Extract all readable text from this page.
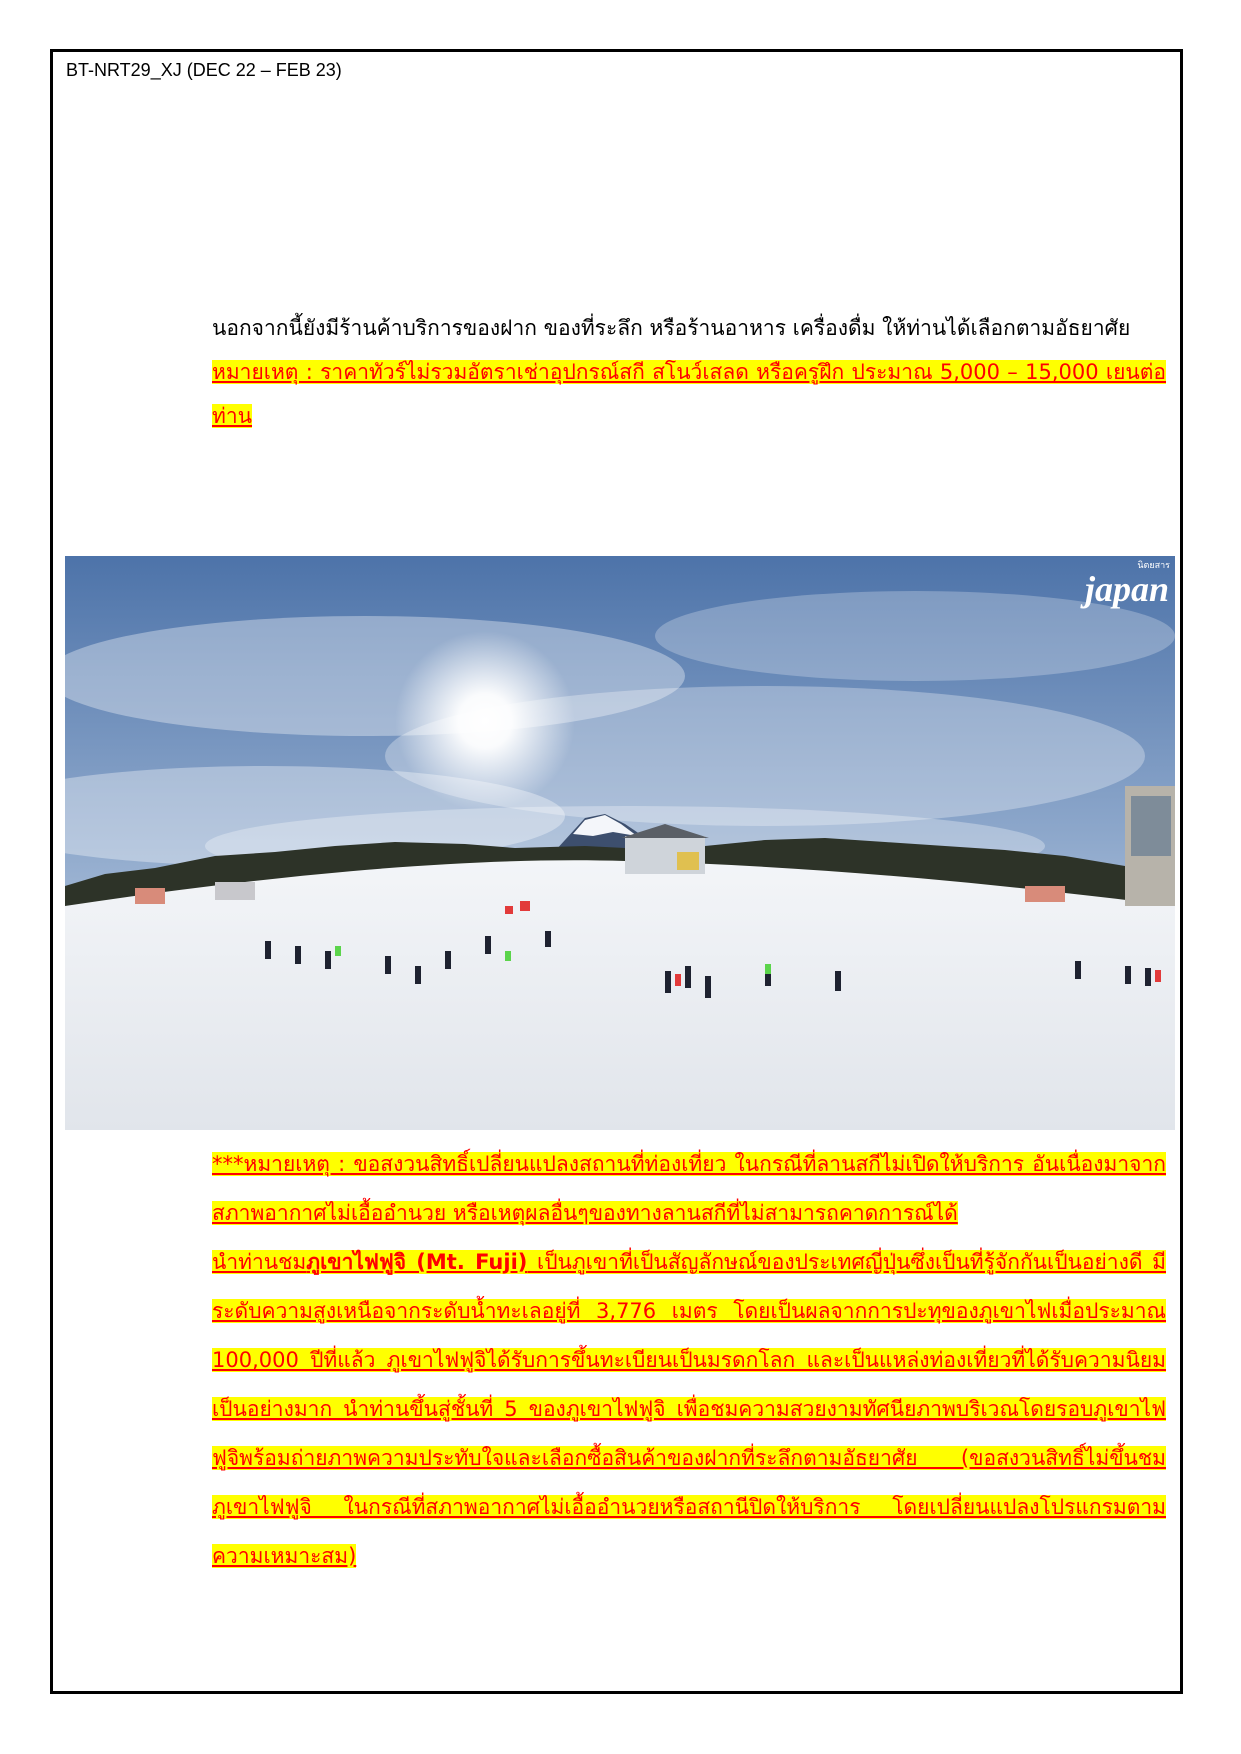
BT-NRT29_XJ (DEC 22 – FEB 23)
นอกจากนี้ยังมีร้านค้าบริการของฝาก ของที่ระลึก หรือร้านอาหาร เครื่องดื่ม ให้ท่านได้เลือกตามอัธยาศัย
หมายเหตุ : ราคาทัวร์ไม่รวมอัตราเช่าอุปกรณ์สกี สโนว์เสลด หรือครูฝึก ประมาณ 5,000 – 15,000 เยนต่อท่าน
นิตยสาร
japan
***หมายเหตุ : ขอสงวนสิทธิ์เปลี่ยนแปลงสถานที่ท่องเที่ยว ในกรณีที่ลานสกีไม่เปิดให้บริการ อันเนื่องมาจากสภาพอากาศไม่เอื้ออำนวย หรือเหตุผลอื่นๆของทางลานสกีที่ไม่สามารถคาดการณ์ได้
นำท่านชมภูเขาไฟฟูจิ (Mt. Fuji) เป็นภูเขาที่เป็นสัญลักษณ์ของประเทศญี่ปุ่นซึ่งเป็นที่รู้จักกันเป็นอย่างดี มีระดับความสูงเหนือจากระดับน้ำทะเลอยู่ที่ 3,776 เมตร โดยเป็นผลจากการปะทุของภูเขาไฟเมื่อประมาณ 100,000 ปีที่แล้ว ภูเขาไฟฟูจิได้รับการขึ้นทะเบียนเป็นมรดกโลก และเป็นแหล่งท่องเที่ยวที่ได้รับความนิยมเป็นอย่างมาก นำท่านขึ้นสู่ชั้นที่ 5 ของภูเขาไฟฟูจิ เพื่อชมความสวยงามทัศนียภาพบริเวณโดยรอบภูเขาไฟฟูจิพร้อมถ่ายภาพความประทับใจและเลือกซื้อสินค้าของฝากที่ระลึกตามอัธยาศัย (ขอสงวนสิทธิ์ไม่ขึ้นชมภูเขาไฟฟูจิ ในกรณีที่สภาพอากาศไม่เอื้ออำนวยหรือสถานีปิดให้บริการ โดยเปลี่ยนแปลงโปรแกรมตามความเหมาะสม)
